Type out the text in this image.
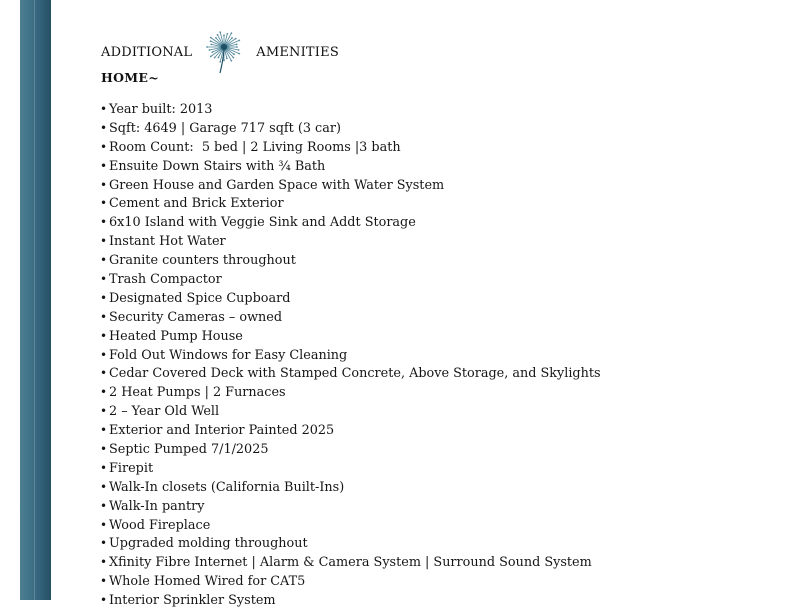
ADDITIONAL	AMENITIES
HOME~
• Year built: 2013
• Sqft: 4649 | Garage 717 sqft (3 car)
• Room Count:  5 bed | 2 Living Rooms |3 bath
• Ensuite Down Stairs with ¾ Bath
• Green House and Garden Space with Water System
• Cement and Brick Exterior
• 6x10 Island with Veggie Sink and Addt Storage
• Instant Hot Water
• Granite counters throughout
• Trash Compactor
• Designated Spice Cupboard
• Security Cameras – owned
• Heated Pump House
• Fold Out Windows for Easy Cleaning
• Cedar Covered Deck with Stamped Concrete, Above Storage, and Skylights
• 2 Heat Pumps | 2 Furnaces
• 2 – Year Old Well
• Exterior and Interior Painted 2025
• Septic Pumped 7/1/2025
• Firepit
• Walk-In closets (California Built-Ins)
• Walk-In pantry
• Wood Fireplace
• Upgraded molding throughout
• Xfinity Fibre Internet | Alarm & Camera System | Surround Sound System
• Whole Homed Wired for CAT5
• Interior Sprinkler System
